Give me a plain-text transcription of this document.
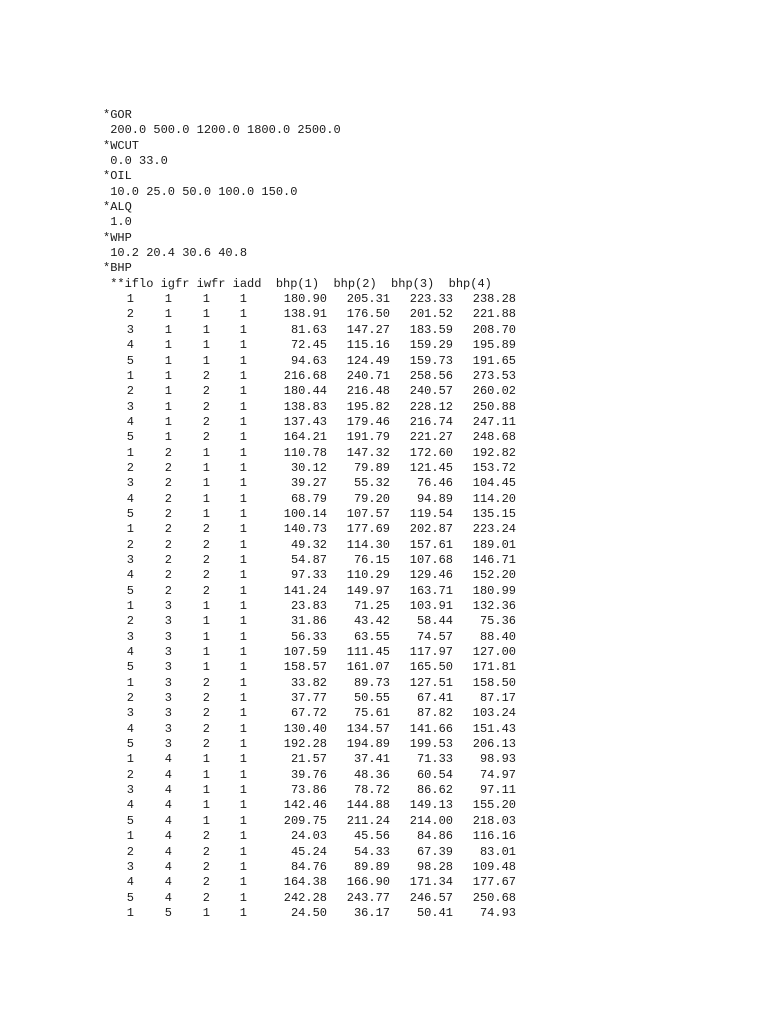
*GOR
200.0 500.0 1200.0 1800.0 2500.0
*WCUT
0.0 33.0
*OIL
10.0 25.0 50.0 100.0 150.0
*ALQ
1.0
*WHP
10.2 20.4 30.6 40.8
*BHP
**iflo igfr iwfr iadd  bhp(1)  bhp(2)  bhp(3)  bhp(4)
1	1	1	1	180.90	205.31	223.33	238.28
2	1	1	1	138.91	176.50	201.52	221.88
3	1	1	1	81.63	147.27	183.59	208.70
4	1	1	1	72.45	115.16	159.29	195.89
5	1	1	1	94.63	124.49	159.73	191.65
1	1	2	1	216.68	240.71	258.56	273.53
2	1	2	1	180.44	216.48	240.57	260.02
3	1	2	1	138.83	195.82	228.12	250.88
4	1	2	1	137.43	179.46	216.74	247.11
5	1	2	1	164.21	191.79	221.27	248.68
1	2	1	1	110.78	147.32	172.60	192.82
2	2	1	1	30.12	79.89	121.45	153.72
3	2	1	1	39.27	55.32	76.46	104.45
4	2	1	1	68.79	79.20	94.89	114.20
5	2	1	1	100.14	107.57	119.54	135.15
1	2	2	1	140.73	177.69	202.87	223.24
2	2	2	1	49.32	114.30	157.61	189.01
3	2	2	1	54.87	76.15	107.68	146.71
4	2	2	1	97.33	110.29	129.46	152.20
5	2	2	1	141.24	149.97	163.71	180.99
1	3	1	1	23.83	71.25	103.91	132.36
2	3	1	1	31.86	43.42	58.44	75.36
3	3	1	1	56.33	63.55	74.57	88.40
4	3	1	1	107.59	111.45	117.97	127.00
5	3	1	1	158.57	161.07	165.50	171.81
1	3	2	1	33.82	89.73	127.51	158.50
2	3	2	1	37.77	50.55	67.41	87.17
3	3	2	1	67.72	75.61	87.82	103.24
4	3	2	1	130.40	134.57	141.66	151.43
5	3	2	1	192.28	194.89	199.53	206.13
1	4	1	1	21.57	37.41	71.33	98.93
2	4	1	1	39.76	48.36	60.54	74.97
3	4	1	1	73.86	78.72	86.62	97.11
4	4	1	1	142.46	144.88	149.13	155.20
5	4	1	1	209.75	211.24	214.00	218.03
1	4	2	1	24.03	45.56	84.86	116.16
2	4	2	1	45.24	54.33	67.39	83.01
3	4	2	1	84.76	89.89	98.28	109.48
4	4	2	1	164.38	166.90	171.34	177.67
5	4	2	1	242.28	243.77	246.57	250.68
1	5	1	1	24.50	36.17	50.41	74.93
